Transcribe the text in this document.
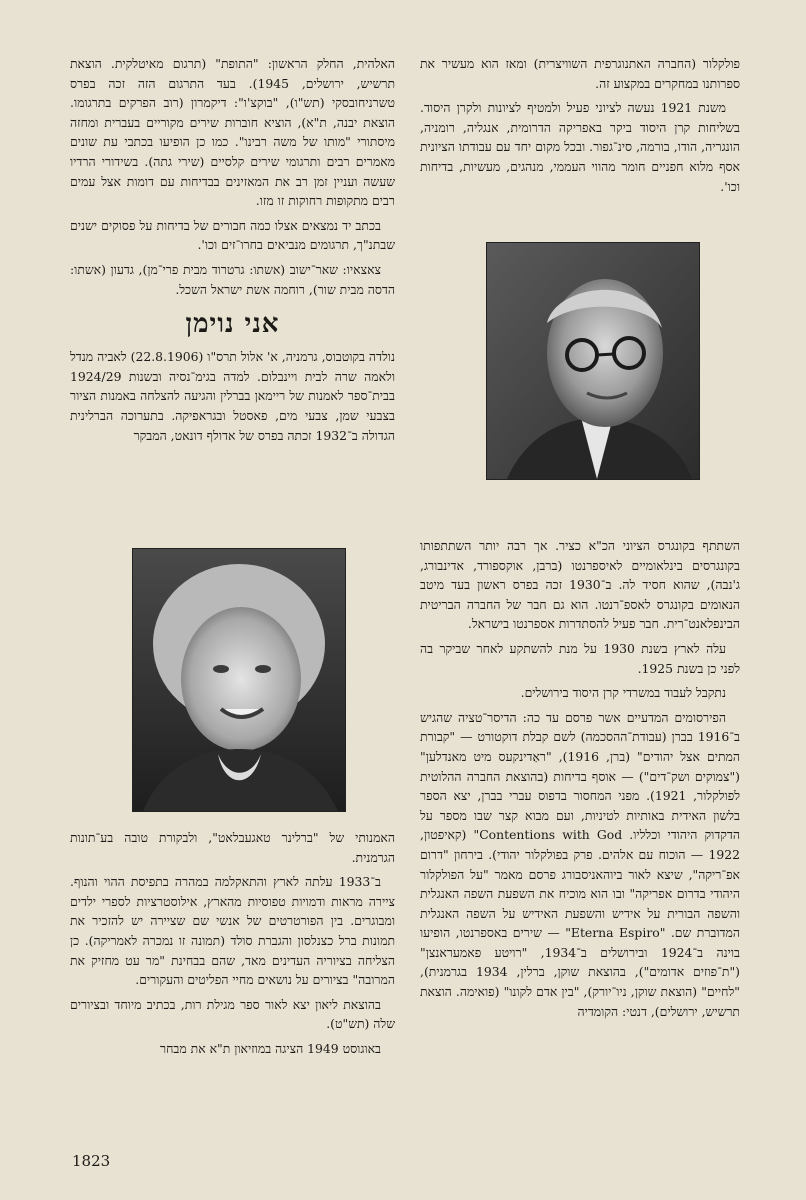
פולקלור (החברה האתנוגרפית השוויצרית) ומאז הוא מעשיר את ספרותנו במחקרים במקצוע זה.

משנת 1921 נעשה לציוני פעיל ולמטיף לציונות ולקרן היסוד. בשליחות קרן היסוד ביקר באפריקה הדרומית, אנגליה, רומניה, הונגריה, הודו, בורמה, סינ־גפור. ובכל מקום יחד עם עבודתו הציונית אסף מלוא חפניים חומר מהווי העממי, מנהגים, מעשיות, בדיחות וכו'.

השתתף בקונגרס הציוני הכ"א כציר. אך רבה יותר השתתפותו בקונגרסים בינלאומיים לאיספרנטו (ברבן, אוקספורד, אדינבורג, ג'נבה), שהוא חסיד לה. ב־1930 זכה בפרס ראשון בעד מיטב הנאומים בקונגרס לאספ־רנטו. הוא גם חבר של החברה הבריטית הבינפלאנט־רית. חבר פעיל להסתדרות אספרנטו בישראל.

עלה לארץ בשנת 1930 על מנת להשתקע לאחר שביקר בה לפני כן בשנת 1925.

נתקבל לעבוד במשרדי קרן היסוד בירושלים.

הפירסומים המדעיים אשר פרסם עד כה: הדיסר־טציה שהגיש ב־1916 בברן (עבודת־ההסכמה) לשם קבלת דוקטורט — "קבורת המתים אצל יהודים" (ברן, 1916), "ראַדינקעס מיט מאנדלען" ("צמוקים ושק־דים") — אוסף בדיחות (בהוצאת החברה ההלוטית לפולקלור, 1921). מפני המחסור בדפוס עברי בברן, יצא הספר בלשון האידית באותיות לטיניות, ועם מבוא קצר שבו מספר על הדקדוק היהודי וכלליו. Contentions with God" (קאיפטון, 1922 — הוכוח עם אלהים. פרק בפולקלור יהודי). בירחון "דרום אפ־ריקה", שיצא לאור ביוהאניסבורג פרסם מאמר "על הפולקלור היהודי בדרום אפריקה" ובו הוא מוכיח את השפעת השפה האנגלית והשפה הבורית על אידיש והשפעת האידיש על השפה האנגלית המדוברת שם. "Eterna Espiro" — שירים באספרנטו, הופיעו בוינה ב־1924 ובירושלים ב־1934, "רויטע פאמעראנצן" ("ת־פוזים אדומים"), בהוצאת שוקן, ברלין, 1934 בגרמנית), "לחיים" (הוצאת שוקן, ניו־יורק), "בין אדם לקונו" (פואימה. הוצאת תרשיש, ירושלים), דנטי: הקומדיה

האלהית, החלק הראשון: "התופת" (תרגום מאיטלקית. הוצאת תרשיש, ירושלים, 1945). בעד התרגום הזה זכה בפרס טשרניחובסקי (תש"ו), "בוקצ'ו": דיקמרון (רוב הפרקים בתרגומו. הוצאת יבנה, ת"א), הוציא חוברות שירים מקוריים בעברית ומחזה מיסתורי "מותו של משה רבינו". כמו כן הופיעו בכתבי עת שונים מאמרים רבים ותרגומי שירים קלסיים (שירי גתה). בשידורי הרדיו שעשה ועניין זמן רב את המאזינים בבדיחות עם דומות אצל עמים רבים מתקופות רחוקות זו מזו.

בכתב יד נמצאים אצלו כמה חבורים של בדיחות על פסוקים ישנים שבתנ"ך, תרגומים מנביאים בחרו־זים וכו'.

צאצאיו: שאר־ישוב (אשתו: גרטרוד מבית פרי־מן), גדעון (אשתו: הדסה מבית שור), רוחמה אשת ישראל השכל.

אני נוימן

נולדה בקוטבוס, גרמניה, א' אלול תרס"ו (22.8.1906) לאביה מנדל ולאמה שרה לבית ויינבלום. למדה בגימ־נסיה ובשנות 1924/29 בבית־ספר לאמנות של ריימאן בברלין והגיעה להצלחה באמנות הציור בצבעי שמן, צבעי מים, פאסטל ובגראפיקה. בתערוכה הברלינית הגדולה ב־1932 זכתה בפרס של אדולף דונאט, המבקר

האמנותי של "ברלינר טאגעבלאט", ולבקורת טובה בע־תונות הגרמנית.

ב־1933 עלתה לארץ והתאקלמה במהרה בתפיסת ההוי והנוף. ציירה מראות ודמויות טפוסיות מהארץ, אילוסטרציות לספרי ילדים ומבוגרים. בין הפורטרטים של אנשי שם שציירה יש להזכיר את תמונות ברל כצנלסון והגברת סולד (תמונה זו נמכרה לאמריקה). כן הצליחה בציוריה העדינים מאד, שהם בבחינת "מר עט מחזיק את המרובה" בציורים על נושאים מחיי הפליטים והעקורים.

בהוצאת ליאון יצא לאור ספר מגילת רות, בכתיב מיוחד ובציורים שלה (תש"ט).

באוגוסט 1949 הציגה במוזיאון ת"א את מבחר

1823
